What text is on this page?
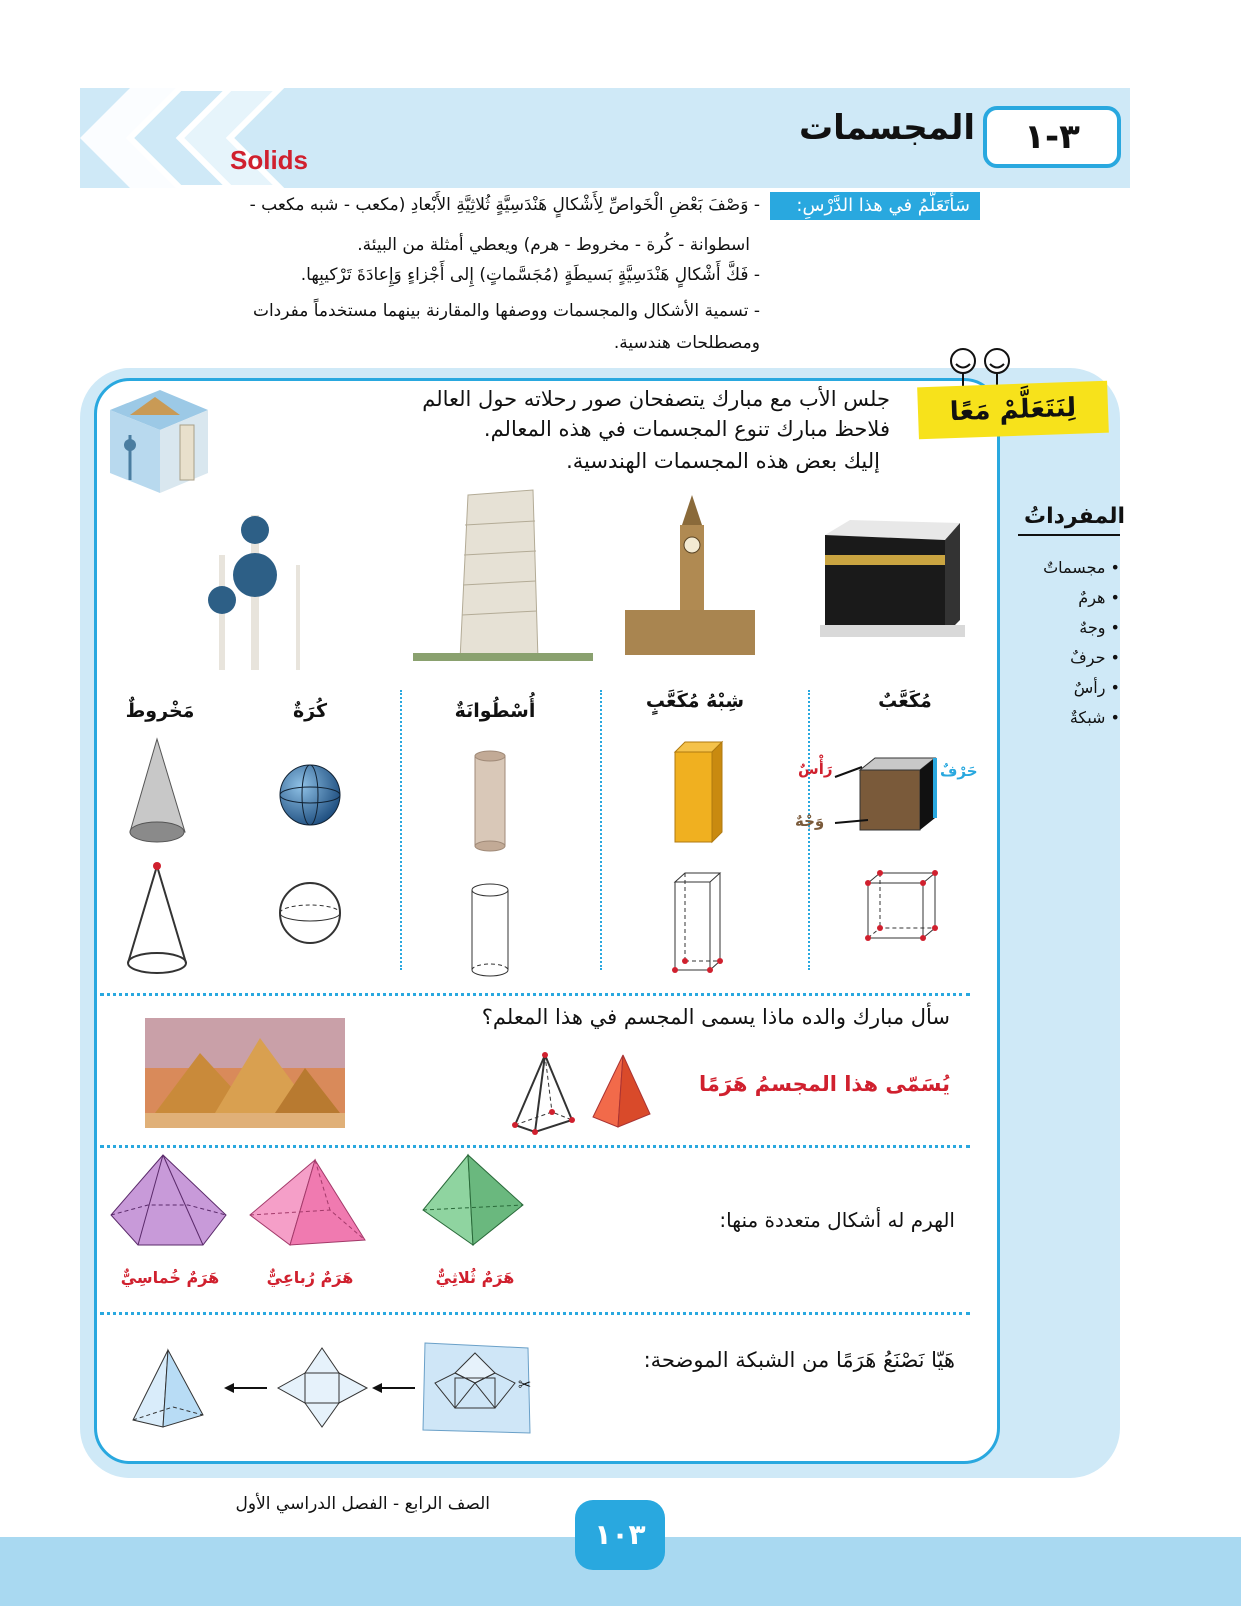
٣-١
المجسمات
Solids
سَأَتَعَلَّمُ في هذا الدَّرْسِ:
- وَصْفَ بَعْضِ الْخَواصِّ لِأَشْكالٍ هَنْدَسِيَّةٍ ثُلاثِيَّةِ الأَبْعادِ (مكعب - شبه مكعب -
اسطوانة - كُرة - مخروط - هرم) ويعطي أمثلة من البيئة.
- فَكَّ أَشْكالٍ هَنْدَسِيَّةٍ بَسيطَةٍ (مُجَسَّماتٍ) إِلى أَجْزاءٍ وَإِعادَةَ تَرْكيبِها.
- تسمية الأشكال والمجسمات ووصفها والمقارنة بينهما مستخدماً مفردات
ومصطلحات هندسية.
لِنَتَعَلَّمْ مَعًا
جلس الأب مع مبارك يتصفحان صور رحلاته حول العالم
فلاحظ مبارك تنوع المجسمات في هذه المعالم.
إليك بعض هذه المجسمات الهندسية.
المفرداتُ
• مجسماتٌ
• هرمٌ
• وجهٌ
• حرفٌ
• رأسٌ
• شبكةٌ
مُكَعَّبٌ
شِبْهُ مُكَعَّبٍ
أُسْطُوانَةٌ
كُرَةٌ
مَخْروطٌ
رَأْسٌ	حَرْفٌ
وَجْهٌ
سأل مبارك والده ماذا يسمى المجسم في هذا المعلم؟
يُسَمّى هذا المجسمُ هَرَمًا
الهرم له أشكال متعددة منها:
هَرَمٌ ثُلاثِيٌّ
هَرَمٌ رُباعِيٌّ
هَرَمٌ خُماسِيٌّ
هَيّا نَصْنَعُ هَرَمًا من الشبكة الموضحة:
✂
١٠٣
الصف الرابع - الفصل الدراسي الأول
